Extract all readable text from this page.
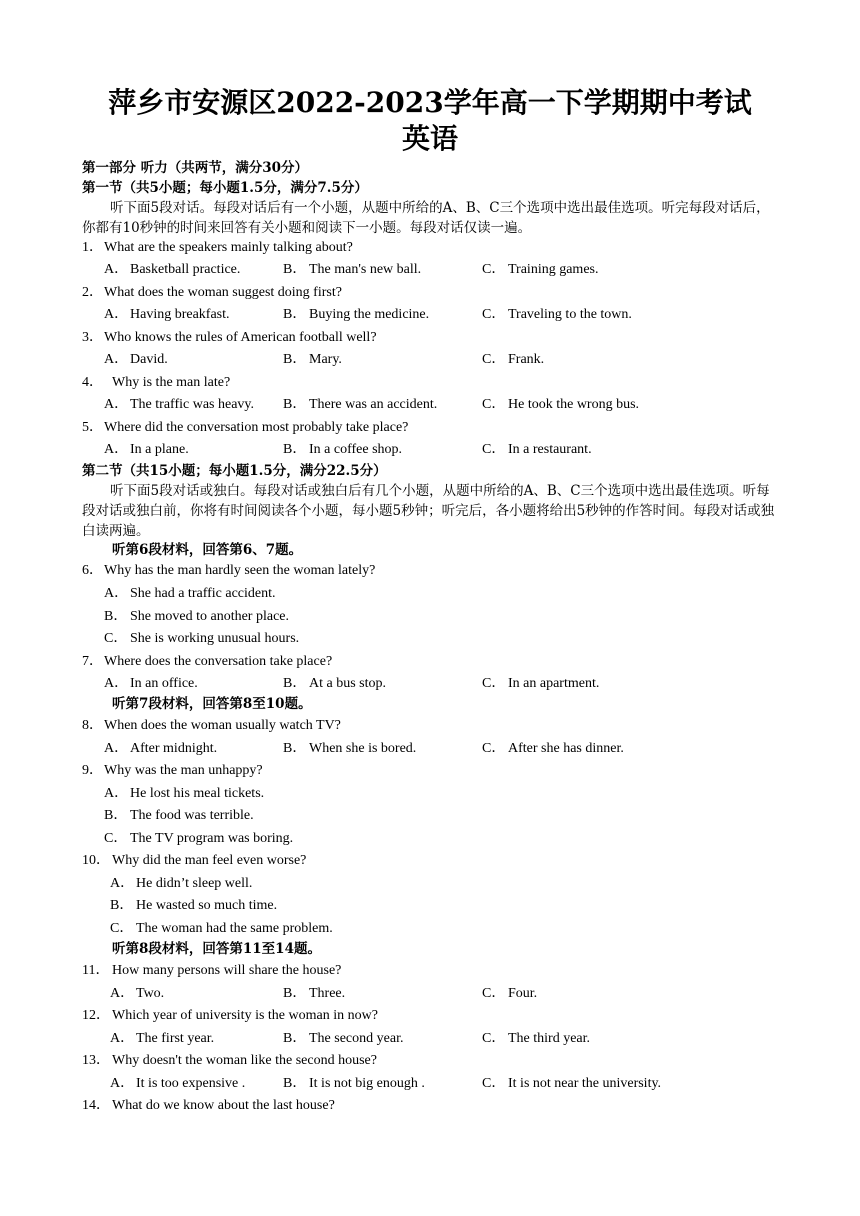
萍乡市安源区2022-2023学年高一下学期期中考试
英语
第一部分 听力（共两节，满分30分）
第一节（共5小题；每小题1.5分，满分7.5分）
听下面5段对话。每段对话后有一个小题，从题中所给的A、B、C三个选项中选出最佳选项。听完每段对话后，你都有10秒钟的时间来回答有关小题和阅读下一小题。每段对话仅读一遍。
1．What are the speakers mainly talking about?
A． Basketball practice.	B． The man's new ball.	C． Training games.
2．What does the woman suggest doing first?
A． Having breakfast.	B． Buying the medicine.	C． Traveling to the town.
3．Who knows the rules of American football well?
A． David.	B． Mary.	C． Frank.
4． Why is the man late?
A． The traffic was heavy. B． There was an accident.	C． He took the wrong bus.
5．Where did the conversation most probably take place?
A． In a plane.	B． In a coffee shop.	C． In a restaurant.
第二节（共15小题；每小题1.5分，满分22.5分）
听下面5段对话或独白。每段对话或独白后有几个小题，从题中所给的A、B、C三个选项中选出最佳选项。听每段对话或独白前，你将有时间阅读各个小题，每小题5秒钟；听完后，各小题将给出5秒钟的作答时间。每段对话或独白读两遍。
听第6段材料，回答第6、7题。
6．Why has the man hardly seen the woman lately?
A． She had a traffic accident.
B． She moved to another place.
C． She is working unusual hours.
7．Where does the conversation take place?
A． In an office.	B． At a bus stop.	C． In an apartment.
听第7段材料，回答第8至10题。
8．When does the woman usually watch TV?
A． After midnight.	B． When she is bored.	C． After she has dinner.
9．Why was the man unhappy?
A． He lost his meal tickets.
B． The food was terrible.
C． The TV program was boring.
10． Why did the man feel even worse?
A． He didn’t sleep well.
B． He wasted so much time.
C． The woman had the same problem.
听第8段材料，回答第11至14题。
11． How many persons will share the house?
A． Two.	B． Three.	C． Four.
12． Which year of university is the woman in now?
A． The first year.	B． The second year.	C． The third year.
13． Why doesn't the woman like the second house?
A． It is too expensive .	B． It is not big enough .	C． It is not near the university.
14． What do we know about the last house?
